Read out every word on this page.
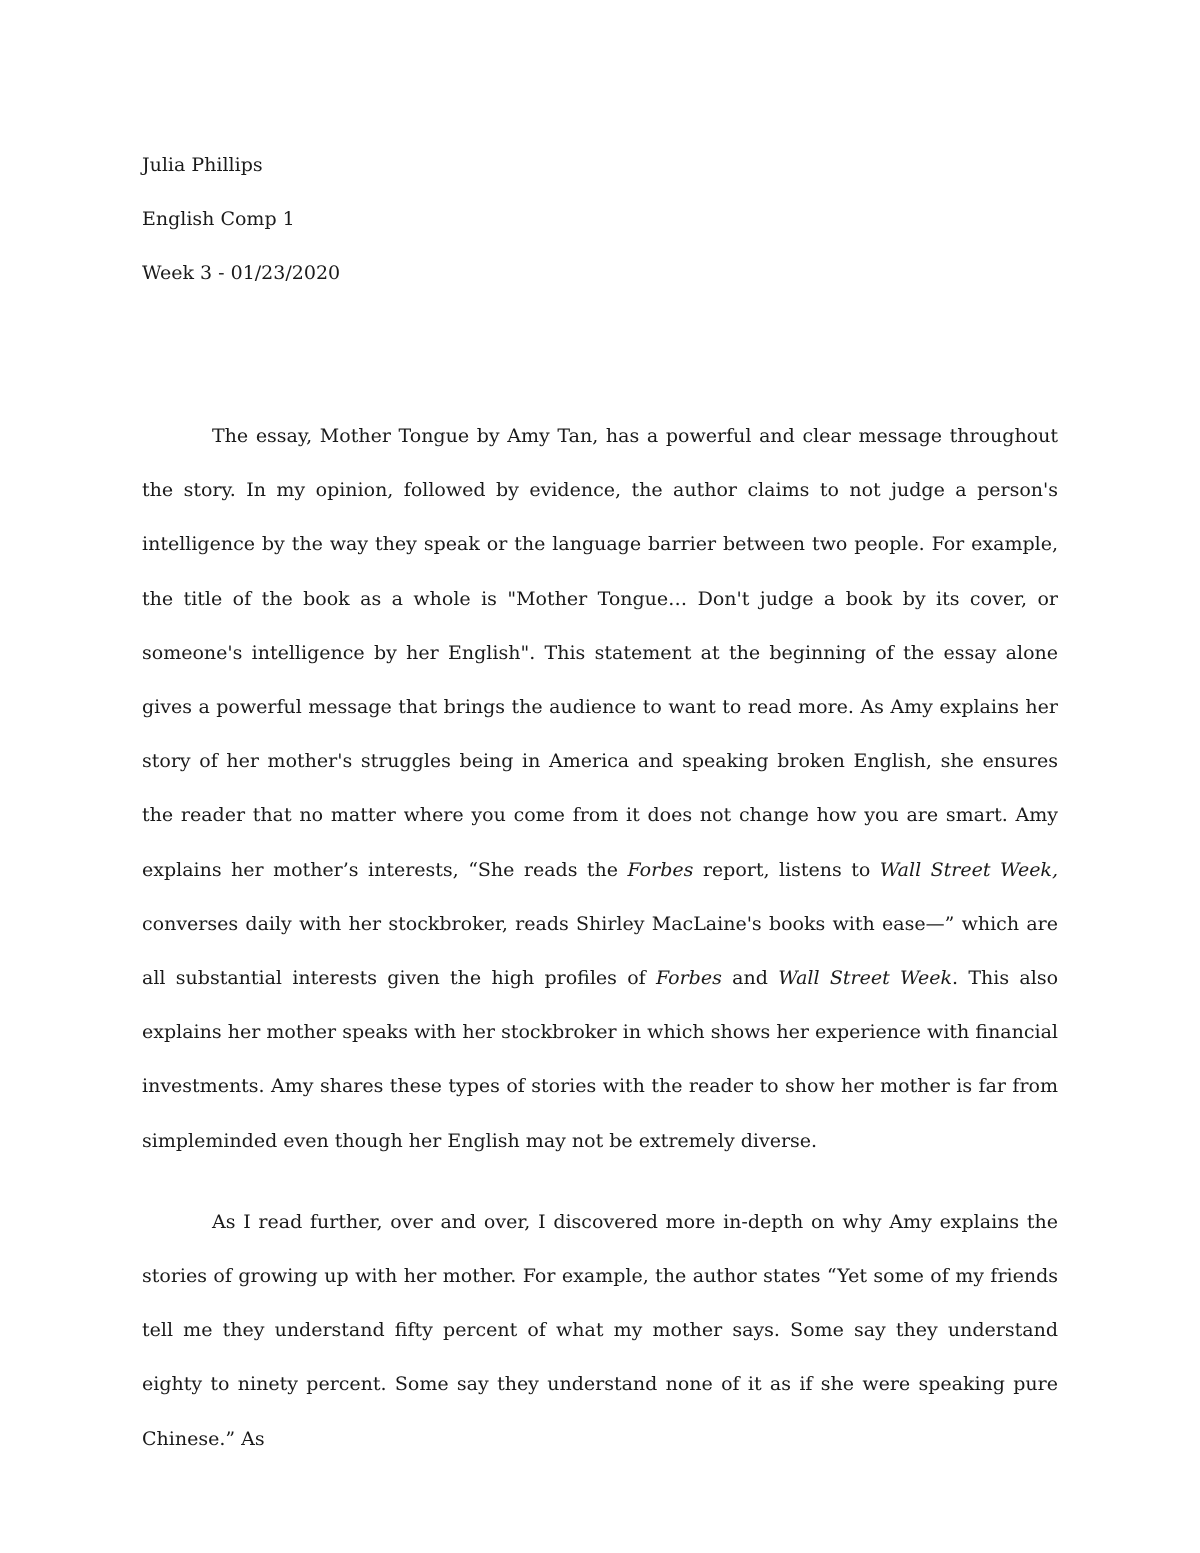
Julia Phillips
English Comp 1
Week 3 - 01/23/2020

The essay, Mother Tongue by Amy Tan, has a powerful and clear message throughout the story. In my opinion, followed by evidence, the author claims to not judge a person's intelligence by the way they speak or the language barrier between two people. For example, the title of the book as a whole is "Mother Tongue… Don't judge a book by its cover, or someone's intelligence by her English". This statement at the beginning of the essay alone gives a powerful message that brings the audience to want to read more. As Amy explains her story of her mother's struggles being in America and speaking broken English, she ensures the reader that no matter where you come from it does not change how you are smart. Amy explains her mother’s interests, “She reads the Forbes report, listens to Wall Street Week, converses daily with her stockbroker, reads Shirley MacLaine's books with ease—” which are all substantial interests given the high profiles of Forbes and Wall Street Week. This also explains her mother speaks with her stockbroker in which shows her experience with financial investments. Amy shares these types of stories with the reader to show her mother is far from simpleminded even though her English may not be extremely diverse.

As I read further, over and over, I discovered more in-depth on why Amy explains the stories of growing up with her mother. For example, the author states “Yet some of my friends tell me they understand fifty percent of what my mother says. Some say they understand eighty to ninety percent. Some say they understand none of it as if she were speaking pure Chinese.” As
